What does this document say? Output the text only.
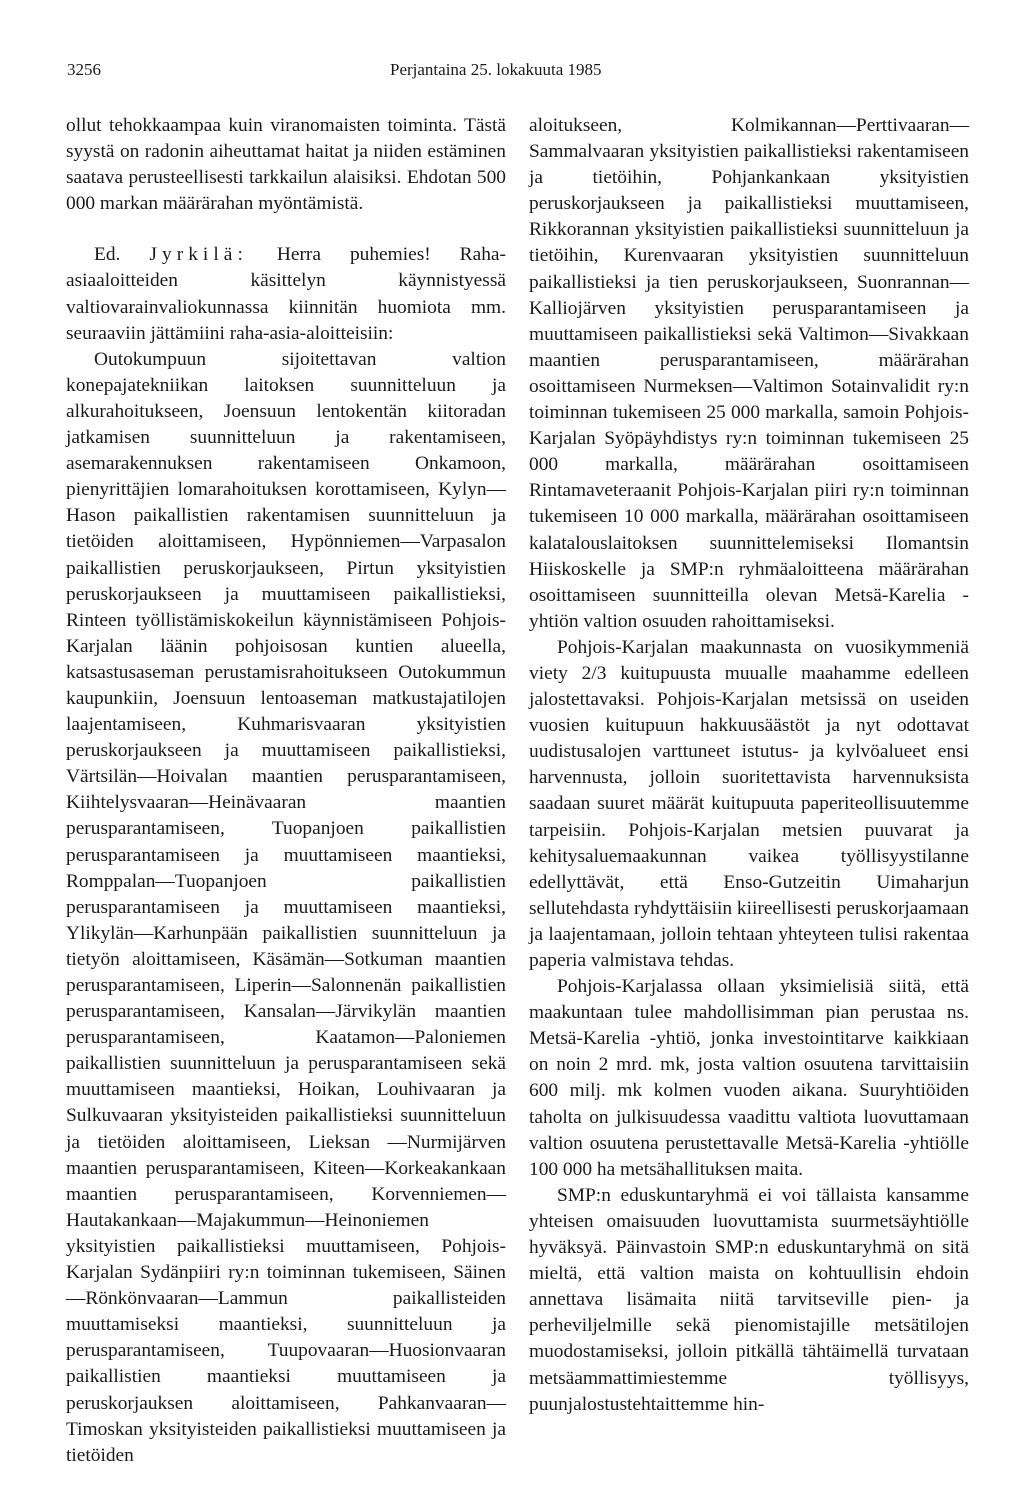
3256	Perjantaina 25. lokakuuta 1985

ollut tehokkaampaa kuin viranomaisten toiminta. Tästä syystä on radonin aiheuttamat haitat ja niiden estäminen saatava perusteellisesti tarkkailun alaisiksi. Ehdotan 500 000 markan määrärahan myöntämistä.

Ed. Jyrkilä: Herra puhemies! Raha-asiaaloitteiden käsittelyn käynnistyessä valtiovarainvaliokunnassa kiinnitän huomiota mm. seuraaviin jättämiini raha-asia-aloitteisiin:

Outokumpuun sijoitettavan valtion konepajatekniikan laitoksen suunnitteluun ja alkurahoitukseen, Joensuun lentokentän kiitoradan jatkamisen suunnitteluun ja rakentamiseen, asemarakennuksen rakentamiseen Onkamoon, pienyrittäjien lomarahoituksen korottamiseen, Kylyn—Hason paikallistien rakentamisen suunnitteluun ja tietöiden aloittamiseen, Hypönniemen—Varpasalon paikallistien peruskorjaukseen, Pirtun yksityistien peruskorjaukseen ja muuttamiseen paikallistieksi, Rinteen työllistämiskokeilun käynnistämiseen Pohjois-Karjalan läänin pohjoisosan kuntien alueella, katsastusaseman perustamisrahoitukseen Outokummun kaupunkiin, Joensuun lentoaseman matkustajatilojen laajentamiseen, Kuhmarisvaaran yksityistien peruskorjaukseen ja muuttamiseen paikallistieksi, Värtsilän—Hoivalan maantien perusparantamiseen, Kiihtelysvaaran—Heinävaaran maantien perusparantamiseen, Tuopanjoen paikallistien perusparantamiseen ja muuttamiseen maantieksi, Romppalan—Tuopanjoen paikallistien perusparantamiseen ja muuttamiseen maantieksi, Ylikylän—Karhunpään paikallistien suunnitteluun ja tietyön aloittamiseen, Käsämän—Sotkuman maantien perusparantamiseen, Liperin—Salonnenän paikallistien perusparantamiseen, Kansalan—Järvikylän maantien perusparantamiseen, Kaatamon—Paloniemen paikallistien suunnitteluun ja perusparantamiseen sekä muuttamiseen maantieksi, Hoikan, Louhivaaran ja Sulkuvaaran yksityisteiden paikallistieksi suunnitteluun ja tietöiden aloittamiseen, Lieksan —Nurmijärven maantien perusparantamiseen, Kiteen—Korkeakankaan maantien perusparantamiseen, Korvenniemen—Hautakankaan—Majakummun—Heinoniemen yksityistien paikallistieksi muuttamiseen, Pohjois-Karjalan Sydänpiiri ry:n toiminnan tukemiseen, Säinen—Rönkönvaaran—Lammun paikallisteiden muuttamiseksi maantieksi, suunnitteluun ja perusparantamiseen, Tuupovaaran—Huosionvaaran paikallistien maantieksi muuttamiseen ja peruskorjauksen aloittamiseen, Pahkanvaaran—Timoskan yksityisteiden paikallistieksi muuttamiseen ja tietöiden

aloitukseen, Kolmikannan—Perttivaaran—Sammalvaaran yksityistien paikallistieksi rakentamiseen ja tietöihin, Pohjankankaan yksityistien peruskorjaukseen ja paikallistieksi muuttamiseen, Rikkorannan yksityistien paikallistieksi suunnitteluun ja tietöihin, Kurenvaaran yksityistien suunnitteluun paikallistieksi ja tien peruskorjaukseen, Suonrannan—Kalliojärven yksityistien perusparantamiseen ja muuttamiseen paikallistieksi sekä Valtimon—Sivakkaan maantien perusparantamiseen, määrärahan osoittamiseen Nurmeksen—Valtimon Sotainvalidit ry:n toiminnan tukemiseen 25 000 markalla, samoin Pohjois-Karjalan Syöpäyhdistys ry:n toiminnan tukemiseen 25 000 markalla, määrärahan osoittamiseen Rintamaveteraanit Pohjois-Karjalan piiri ry:n toiminnan tukemiseen 10 000 markalla, määrärahan osoittamiseen kalatalouslaitoksen suunnittelemiseksi Ilomantsin Hiiskoskelle ja SMP:n ryhmäaloitteena määrärahan osoittamiseen suunnitteilla olevan Metsä-Karelia -yhtiön valtion osuuden rahoittamiseksi.

Pohjois-Karjalan maakunnasta on vuosikymmeniä viety 2/3 kuitupuusta muualle maahamme edelleen jalostettavaksi. Pohjois-Karjalan metsissä on useiden vuosien kuitupuun hakkuusäästöt ja nyt odottavat uudistusalojen varttuneet istutus- ja kylvöalueet ensi harvennusta, jolloin suoritettavista harvennuksista saadaan suuret määrät kuitupuuta paperiteollisuutemme tarpeisiin. Pohjois-Karjalan metsien puuvarat ja kehitysaluemaakunnan vaikea työllisyystilanne edellyttävät, että Enso-Gutzeitin Uimaharjun sellutehdasta ryhdyttäisiin kiireellisesti peruskorjaamaan ja laajentamaan, jolloin tehtaan yhteyteen tulisi rakentaa paperia valmistava tehdas.

Pohjois-Karjalassa ollaan yksimielisiä siitä, että maakuntaan tulee mahdollisimman pian perustaa ns. Metsä-Karelia -yhtiö, jonka investointitarve kaikkiaan on noin 2 mrd. mk, josta valtion osuutena tarvittaisiin 600 milj. mk kolmen vuoden aikana. Suuryhtiöiden taholta on julkisuudessa vaadittu valtiota luovuttamaan valtion osuutena perustettavalle Metsä-Karelia -yhtiölle 100 000 ha metsähallituksen maita.

SMP:n eduskuntaryhmä ei voi tällaista kansamme yhteisen omaisuuden luovuttamista suurmetsäyhtiölle hyväksyä. Päinvastoin SMP:n eduskuntaryhmä on sitä mieltä, että valtion maista on kohtuullisin ehdoin annettava lisämaita niitä tarvitseville pien- ja perheviljelmille sekä pienomistajille metsätilojen muodostamiseksi, jolloin pitkällä tähtäimellä turvataan metsäammattimiestemme työllisyys, puunjalostustehtaittemme hin-
